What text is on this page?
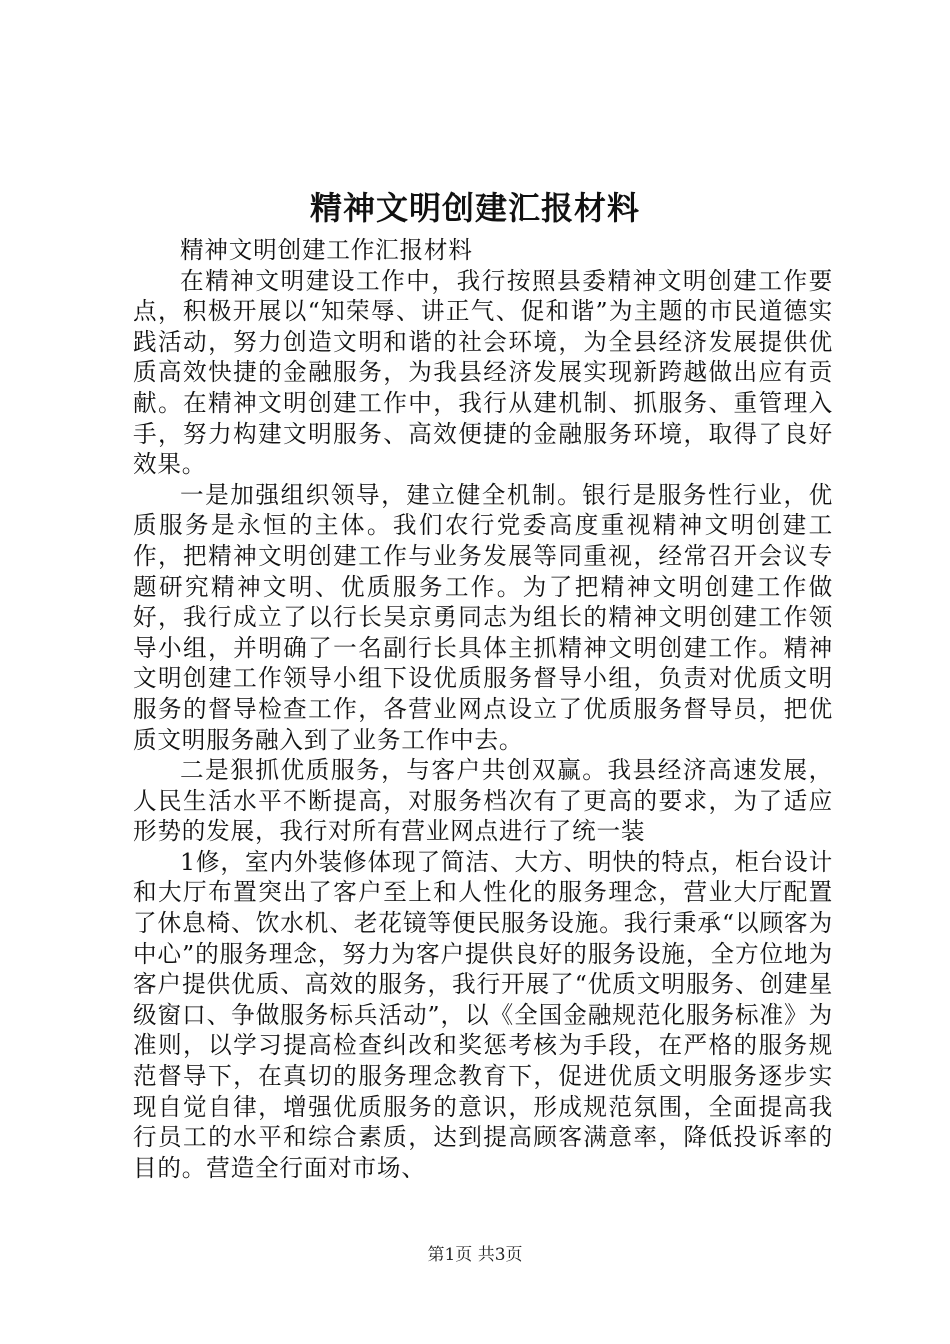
精神文明创建汇报材料

精神文明创建工作汇报材料

在精神文明建设工作中，我行按照县委精神文明创建工作要点，积极开展以“知荣辱、讲正气、促和谐”为主题的市民道德实践活动，努力创造文明和谐的社会环境，为全县经济发展提供优质高效快捷的金融服务，为我县经济发展实现新跨越做出应有贡献。在精神文明创建工作中，我行从建机制、抓服务、重管理入手，努力构建文明服务、高效便捷的金融服务环境，取得了良好效果。

一是加强组织领导，建立健全机制。银行是服务性行业，优质服务是永恒的主体。我们农行党委高度重视精神文明创建工作，把精神文明创建工作与业务发展等同重视，经常召开会议专题研究精神文明、优质服务工作。为了把精神文明创建工作做好，我行成立了以行长吴京勇同志为组长的精神文明创建工作领导小组，并明确了一名副行长具体主抓精神文明创建工作。精神文明创建工作领导小组下设优质服务督导小组，负责对优质文明服务的督导检查工作，各营业网点设立了优质服务督导员，把优质文明服务融入到了业务工作中去。

二是狠抓优质服务，与客户共创双赢。我县经济高速发展，人民生活水平不断提高，对服务档次有了更高的要求，为了适应形势的发展，我行对所有营业网点进行了统一装

1修，室内外装修体现了简洁、大方、明快的特点，柜台设计和大厅布置突出了客户至上和人性化的服务理念，营业大厅配置了休息椅、饮水机、老花镜等便民服务设施。我行秉承“以顾客为中心”的服务理念，努力为客户提供良好的服务设施，全方位地为客户提供优质、高效的服务，我行开展了“优质文明服务、创建星级窗口、争做服务标兵活动”，以《全国金融规范化服务标准》为准则，以学习提高检查纠改和奖惩考核为手段，在严格的服务规范督导下，在真切的服务理念教育下，促进优质文明服务逐步实现自觉自律，增强优质服务的意识，形成规范氛围，全面提高我行员工的水平和综合素质，达到提高顾客满意率，降低投诉率的目的。营造全行面对市场、

第1页 共3页
